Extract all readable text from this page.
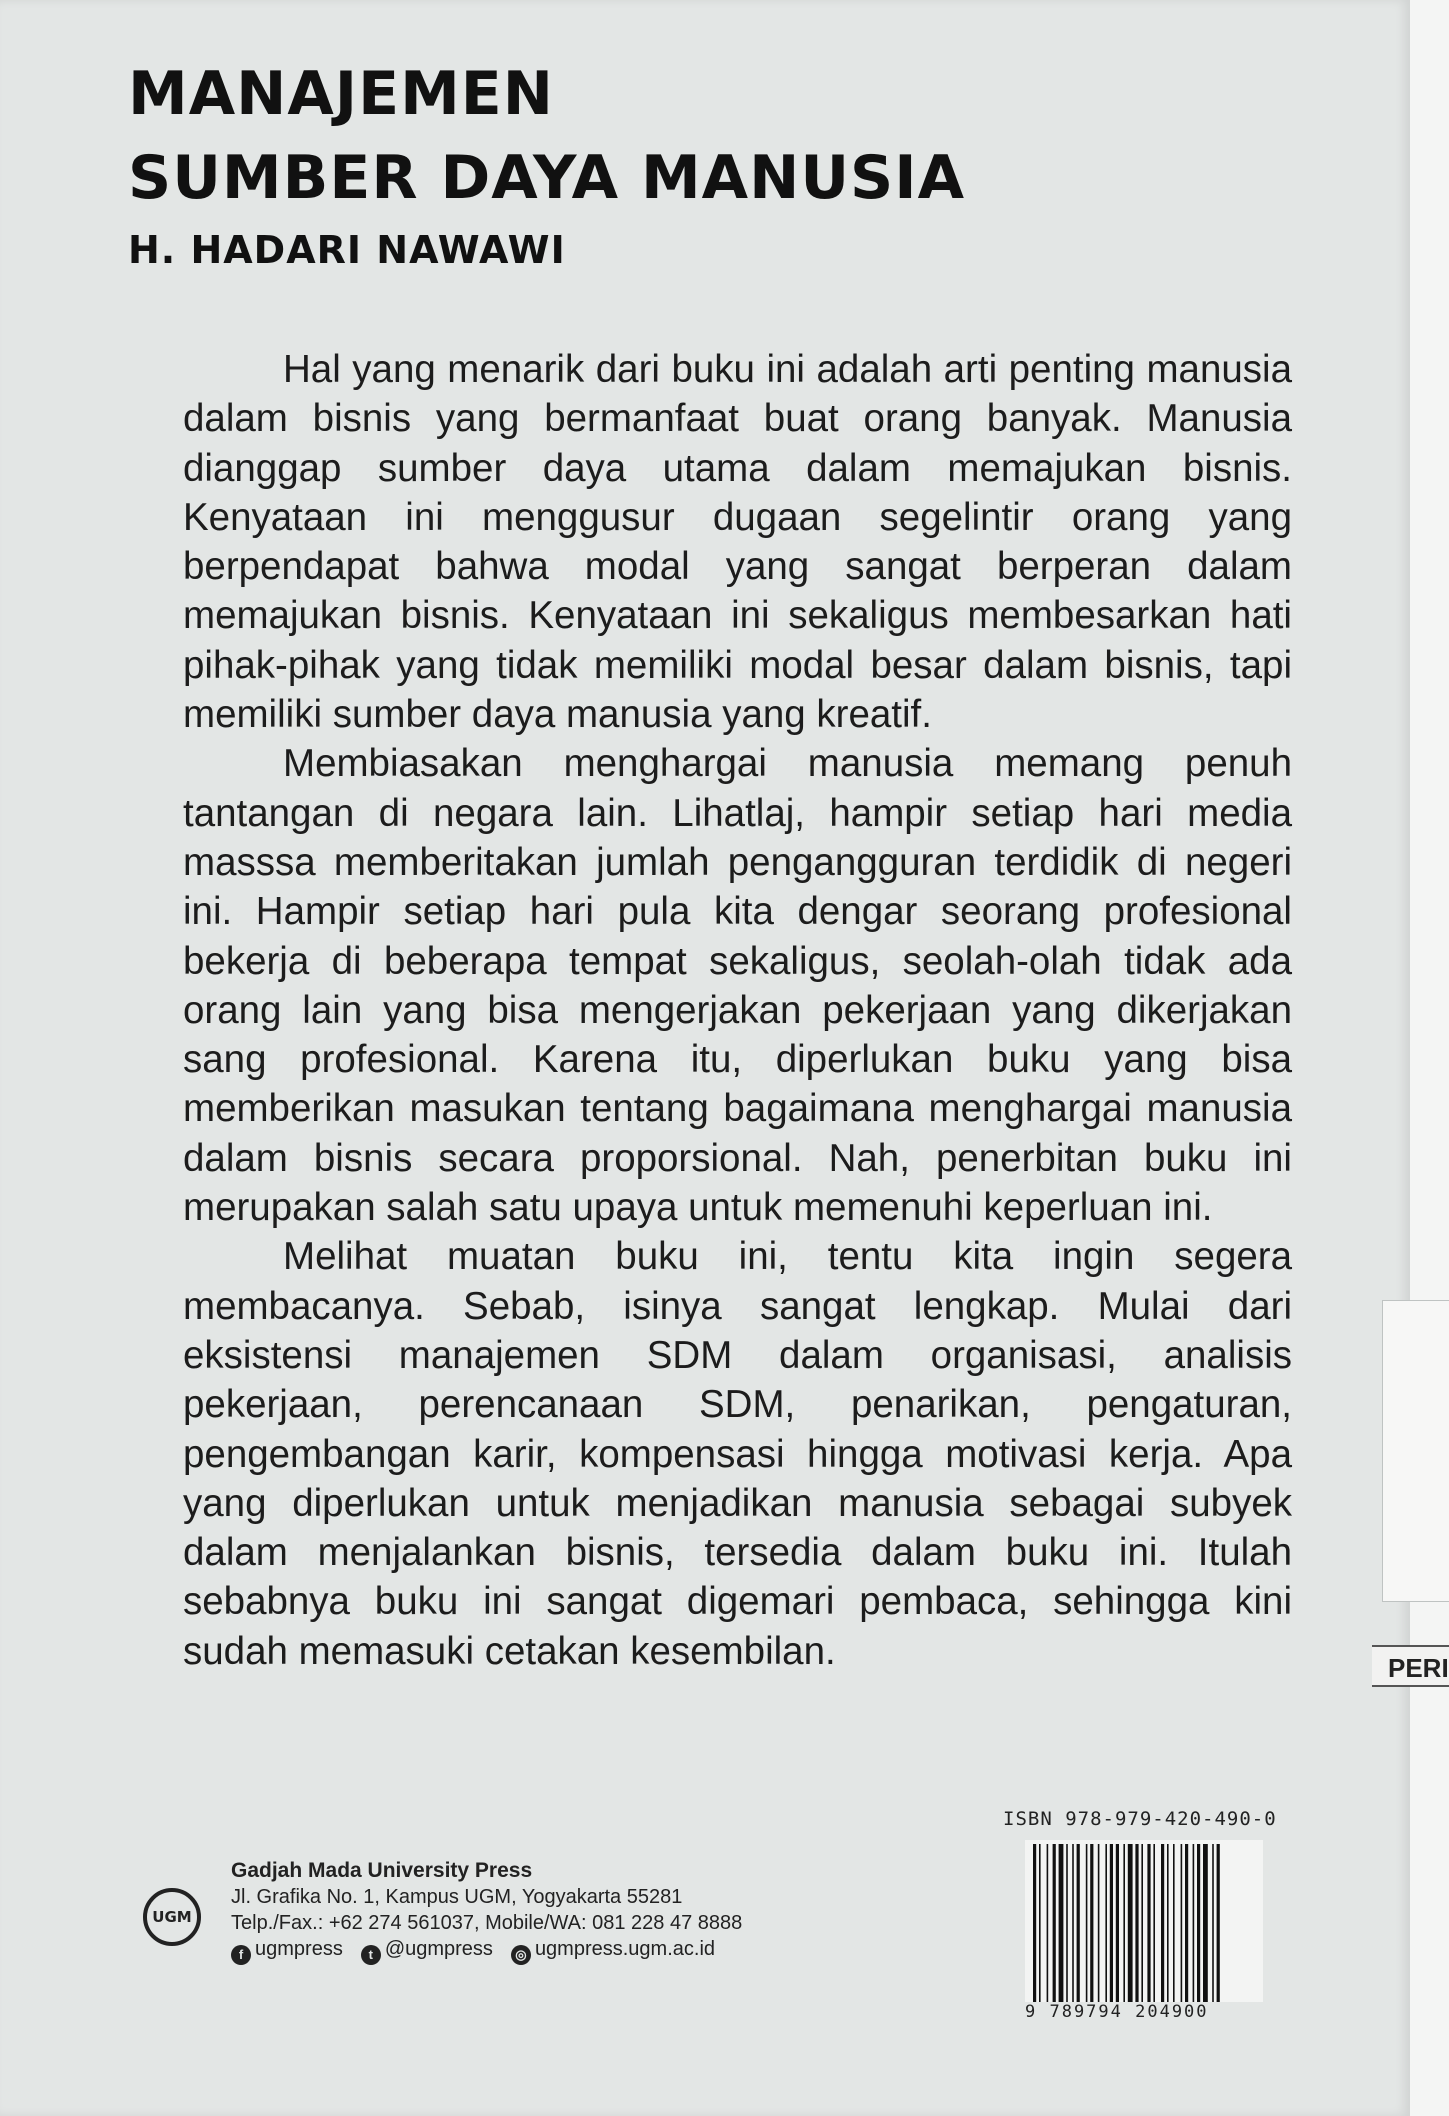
PERI
MANAJEMEN
SUMBER DAYA MANUSIA
H. HADARI NAWAWI

Hal yang menarik dari buku ini adalah arti penting manusia dalam bisnis yang bermanfaat buat orang banyak. Manusia dianggap sumber daya utama dalam memajukan bisnis. Kenyataan ini menggusur dugaan segelintir orang yang berpendapat bahwa modal yang sangat berperan dalam memajukan bisnis. Kenyataan ini sekaligus membesarkan hati pihak-pihak yang tidak memiliki modal besar dalam bisnis, tapi memiliki sumber daya manusia yang kreatif.

Membiasakan menghargai manusia memang penuh tantangan di negara lain. Lihatlaj, hampir setiap hari media masssa memberitakan jumlah pengangguran terdidik di negeri ini. Hampir setiap hari pula kita dengar seorang profesional bekerja di beberapa tempat sekaligus, seolah-olah tidak ada orang lain yang bisa mengerjakan pekerjaan yang dikerjakan sang profesional. Karena itu, diperlukan buku yang bisa memberikan masukan tentang bagaimana menghargai manusia dalam bisnis secara proporsional. Nah, penerbitan buku ini merupakan salah satu upaya untuk memenuhi keperluan ini.

Melihat muatan buku ini, tentu kita ingin segera membacanya. Sebab, isinya sangat lengkap. Mulai dari eksistensi manajemen SDM dalam organisasi, analisis pekerjaan, perencanaan SDM, penarikan, pengaturan, pengembangan karir, kompensasi hingga motivasi kerja. Apa yang diperlukan untuk menjadikan manusia sebagai subyek dalam menjalankan bisnis, tersedia dalam buku ini. Itulah sebabnya buku ini sangat digemari pembaca, sehingga kini sudah memasuki cetakan kesembilan.

UGM
Gadjah Mada University Press
Jl. Grafika No. 1, Kampus UGM, Yogyakarta 55281
Telp./Fax.: +62 274 561037, Mobile/WA: 081 228 47 8888
f ugmpress	t @ugmpress	◎ ugmpress.ugm.ac.id
ISBN 978-979-420-490-0
9 789794 204900
